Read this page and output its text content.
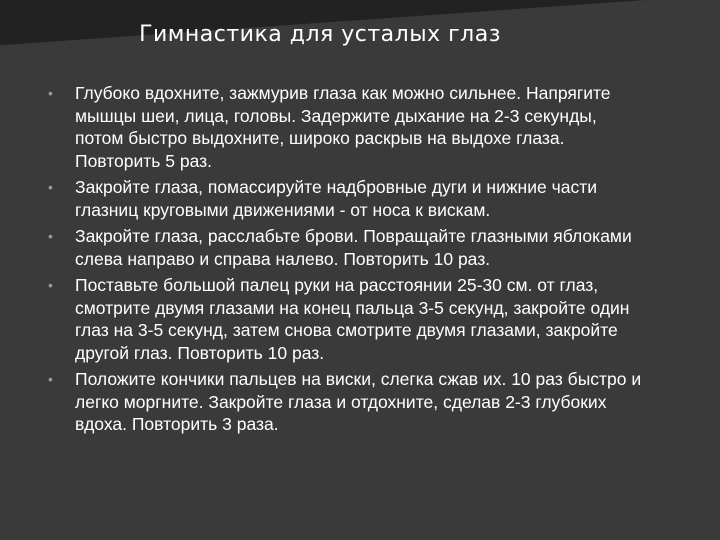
Гимнастика для усталых глаз
• Глубоко вдохните, зажмурив глаза как можно сильнее. Напрягите мышцы шеи, лица, головы. Задержите дыхание на 2-3 секунды, потом быстро выдохните, широко раскрыв на выдохе глаза. Повторить 5 раз.
• Закройте глаза, помассируйте надбровные дуги и нижние части глазниц круговыми движениями - от носа к вискам.
• Закройте глаза, расслабьте брови. Повращайте глазными яблоками слева направо и справа налево. Повторить 10 раз.
• Поставьте большой палец руки на расстоянии 25-30 см. от глаз, смотрите двумя глазами на конец пальца 3-5 секунд, закройте один глаз на 3-5 секунд, затем снова смотрите двумя глазами, закройте другой глаз. Повторить 10 раз.
• Положите кончики пальцев на виски, слегка сжав их. 10 раз быстро и легко моргните. Закройте глаза и отдохните, сделав 2-3 глубоких вдоха. Повторить 3 раза.
